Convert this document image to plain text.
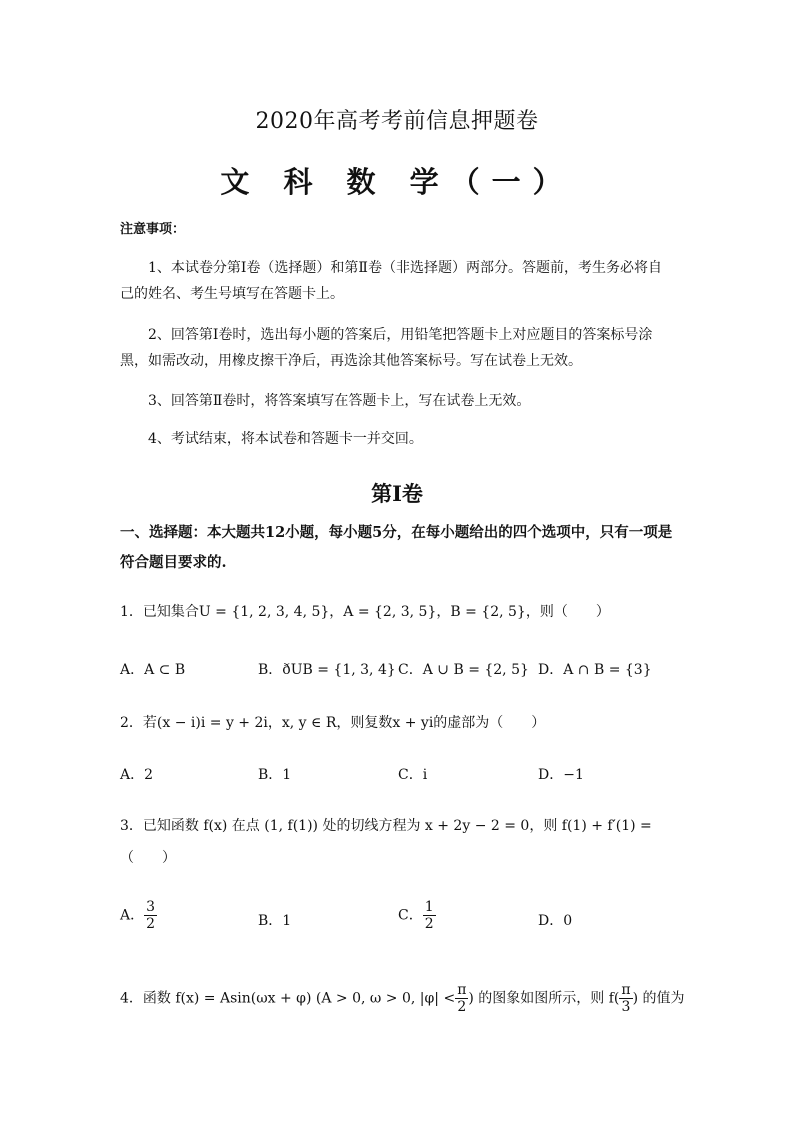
2020年高考考前信息押题卷
文 科 数 学（一）
注意事项：
1、本试卷分第Ⅰ卷（选择题）和第Ⅱ卷（非选择题）两部分。答题前，考生务必将自己的姓名、考生号填写在答题卡上。
2、回答第Ⅰ卷时，选出每小题的答案后，用铅笔把答题卡上对应题目的答案标号涂黑，如需改动，用橡皮擦干净后，再选涂其他答案标号。写在试卷上无效。
3、回答第Ⅱ卷时，将答案填写在答题卡上，写在试卷上无效。
4、考试结束，将本试卷和答题卡一并交回。
第Ⅰ卷
一、选择题：本大题共12小题，每小题5分，在每小题给出的四个选项中，只有一项是符合题目要求的.
1．已知集合U = {1, 2, 3, 4, 5}，A = {2, 3, 5}，B = {2, 5}，则（　　）
A．A ⊂ B	B．ðUB = {1, 3, 4} C．A ∪ B = {2, 5} D．A ∩ B = {3}
2．若(x − i)i = y + 2i，x, y ∈ R，则复数x + yi的虚部为（　　）
A．2	B．1	C．i	D．−1
3．已知函数 f(x) 在点 (1, f(1)) 处的切线方程为 x + 2y − 2 = 0，则 f(1) + f′(1) =
（　　）
A． $\frac{3}{2}$	B．1	C． $\frac{1}{2}$	D．0
4．函数 f(x) = Asin(ωx + φ) (A > 0, ω > 0, $|\varphi| < \frac{\pi}{2}$ ) 的图象如图所示，则 $f( \frac{\pi}{3}$ ) 的值为
